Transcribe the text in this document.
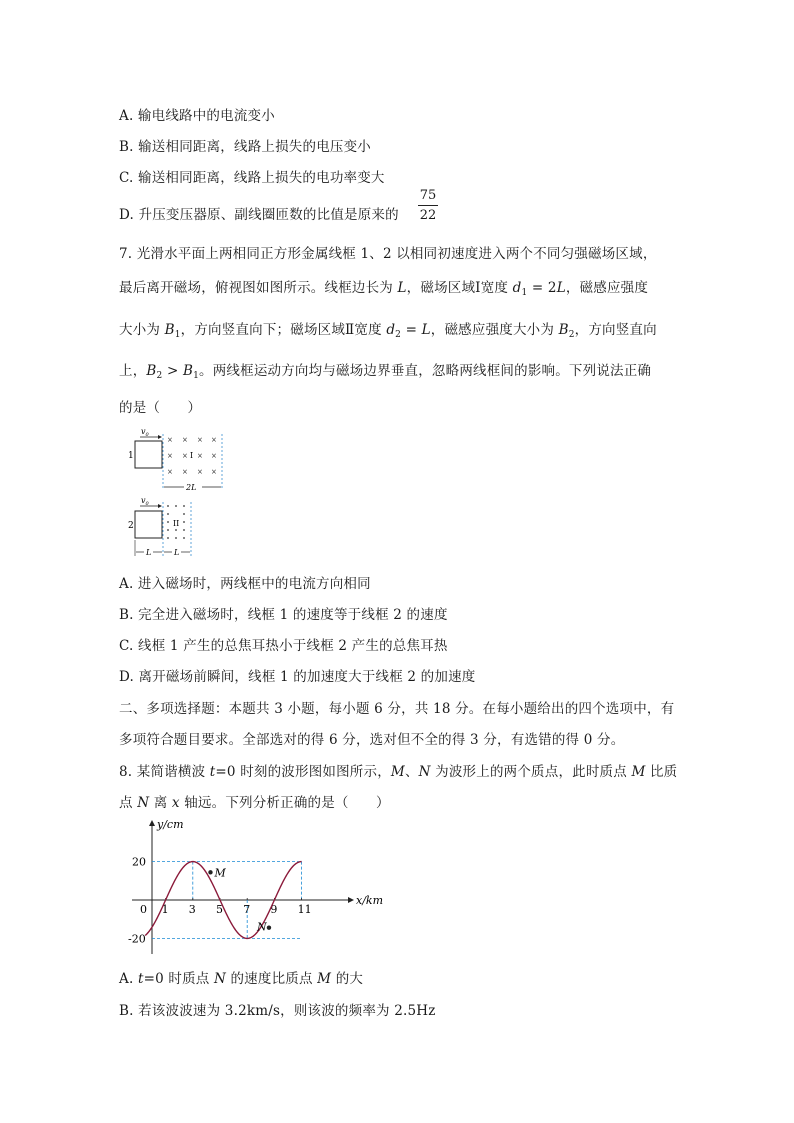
A. 输电线路中的电流变小
B. 输送相同距离，线路上损失的电压变小
C. 输送相同距离，线路上损失的电功率变大
D. 升压变压器原、副线圈匝数的比值是原来的
75
22
7. 光滑水平面上两相同正方形金属线框 1、2 以相同初速度进入两个不同匀强磁场区域，
最后离开磁场，俯视图如图所示。线框边长为 L，磁场区域Ⅰ宽度 $d_1 = 2L$，磁感应强度
大小为 $B_1$，方向竖直向下；磁场区域Ⅱ宽度 $d_2 = L$，磁感应强度大小为 $B_2$，方向竖直向
上，$B_2 > B_1$。两线框运动方向均与磁场边界垂直，忽略两线框间的影响。下列说法正确
的是（　　）
$v_0$
1
× × × ×
× × × ×
× × × ×
I
2L
$v_0$
2	II
L	L
A. 进入磁场时，两线框中的电流方向相同
B. 完全进入磁场时，线框 1 的速度等于线框 2 的速度
C. 线框 1 产生的总焦耳热小于线框 2 产生的总焦耳热
D. 离开磁场前瞬间，线框 1 的加速度大于线框 2 的加速度
二、多项选择题：本题共 3 小题，每小题 6 分，共 18 分。在每小题给出的四个选项中，有
多项符合题目要求。全部选对的得 6 分，选对但不全的得 3 分，有选错的得 0 分。
8. 某简谐横波 t=0 时刻的波形图如图所示，M、N 为波形上的两个质点，此时质点 M 比质
点 N 离 x 轴远。下列分析正确的是（　　）
y/cm
x/km
0
20
-20
1 3 5 7 9 11
M
N
A. t=0 时质点 N 的速度比质点 M 的大
B. 若该波波速为 3.2km/s，则该波的频率为 2.5Hz
